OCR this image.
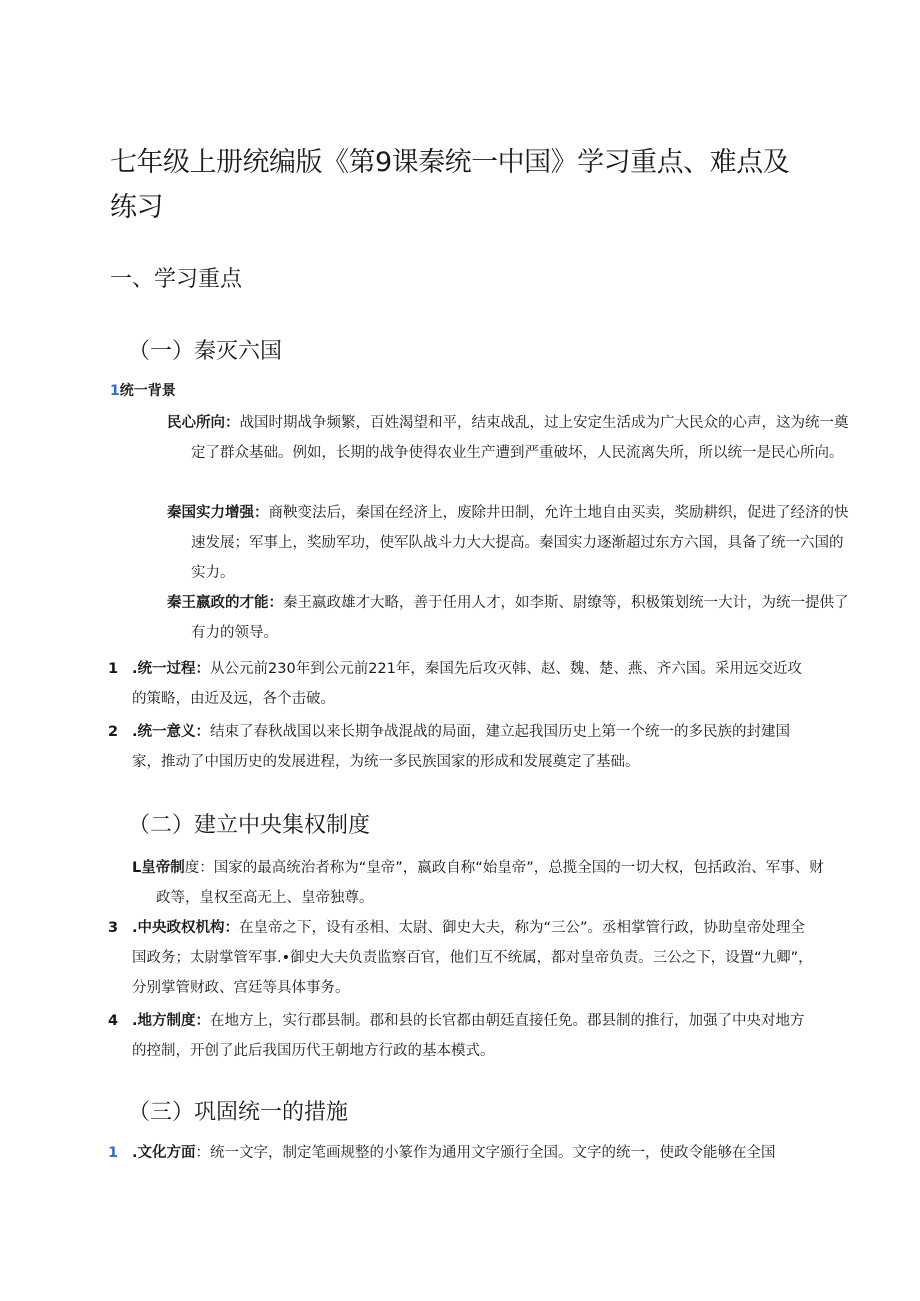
七年级上册统编版《第9课秦统一中国》学习重点、难点及练习
一、学习重点
（一）秦灭六国
1统一背景
民心所向：战国时期战争频繁，百姓渴望和平，结束战乱，过上安定生活成为广大民众的心声，这为统一奠定了群众基础。例如，长期的战争使得农业生产遭到严重破坏，人民流离失所，所以统一是民心所向。
秦国实力增强：商鞅变法后，秦国在经济上，废除井田制，允许土地自由买卖，奖励耕织，促进了经济的快速发展；军事上，奖励军功，使军队战斗力大大提高。秦国实力逐渐超过东方六国，具备了统一六国的实力。
秦王嬴政的才能：秦王嬴政雄才大略，善于任用人才，如李斯、尉缭等，积极策划统一大计，为统一提供了有力的领导。
1 .统一过程：从公元前230年到公元前221年，秦国先后攻灭韩、赵、魏、楚、燕、齐六国。采用远交近攻的策略，由近及远，各个击破。
2 .统一意义：结束了春秋战国以来长期争战混战的局面，建立起我国历史上第一个统一的多民族的封建国家，推动了中国历史的发展进程，为统一多民族国家的形成和发展奠定了基础。
（二）建立中央集权制度
L皇帝制度：国家的最高统治者称为“皇帝”，嬴政自称“始皇帝”，总揽全国的一切大权，包括政治、军事、财政等，皇权至高无上、皇帝独尊。
3 .中央政权机构：在皇帝之下，设有丞相、太尉、御史大夫，称为“三公”。丞相掌管行政，协助皇帝处理全国政务；太尉掌管军事.•御史大夫负责监察百官，他们互不统属，都对皇帝负责。三公之下，设置“九卿”，分别掌管财政、宫廷等具体事务。
4 .地方制度：在地方上，实行郡县制。郡和县的长官都由朝廷直接任免。郡县制的推行，加强了中央对地方的控制，开创了此后我国历代王朝地方行政的基本模式。
（三）巩固统一的措施
1 .文化方面：统一文字，制定笔画规整的小篆作为通用文字颁行全国。文字的统一，使政令能够在全国
